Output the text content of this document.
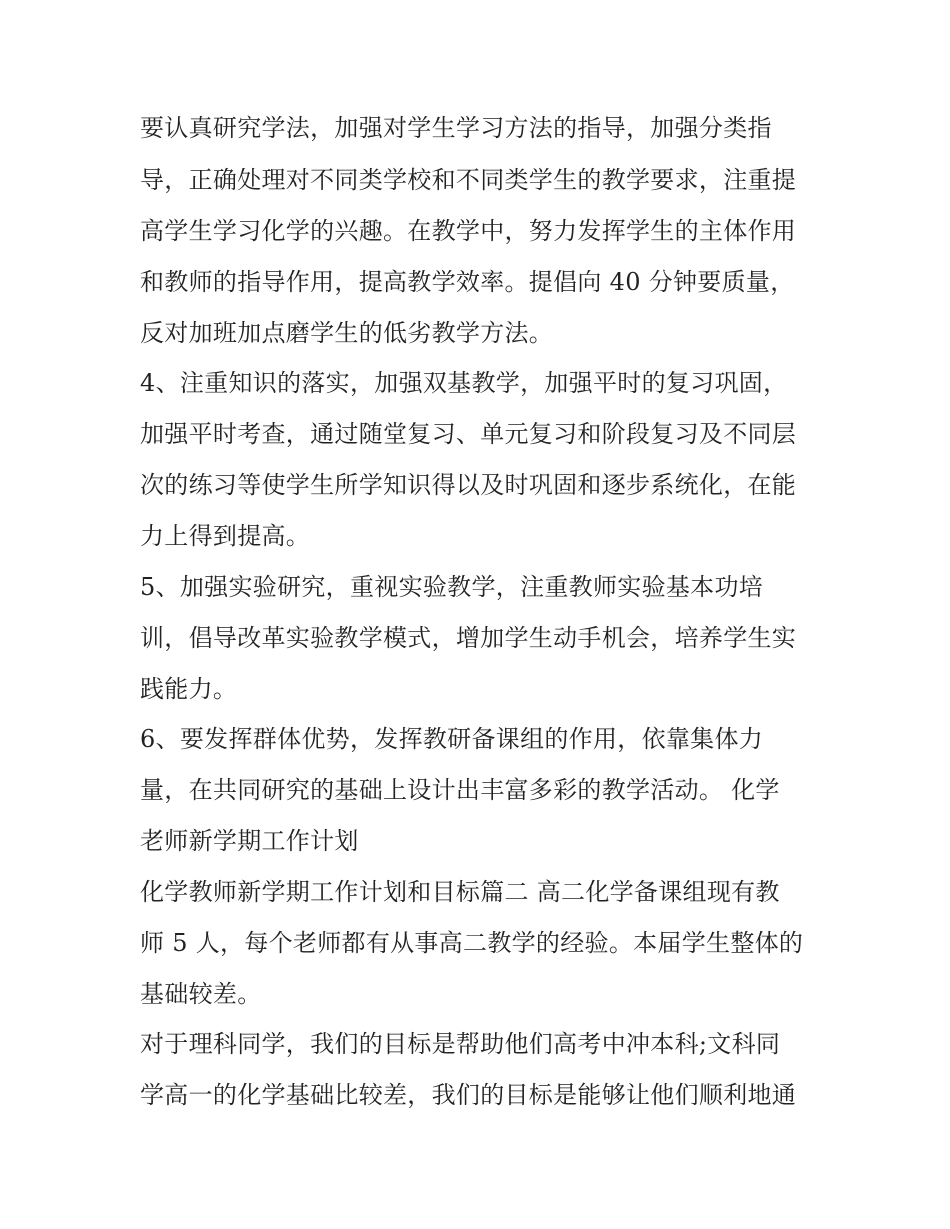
要认真研究学法，加强对学生学习方法的指导，加强分类指
导，正确处理对不同类学校和不同类学生的教学要求，注重提
高学生学习化学的兴趣。在教学中，努力发挥学生的主体作用
和教师的指导作用，提高教学效率。提倡向 40 分钟要质量，
反对加班加点磨学生的低劣教学方法。
4、注重知识的落实，加强双基教学，加强平时的复习巩固，
加强平时考查，通过随堂复习、单元复习和阶段复习及不同层
次的练习等使学生所学知识得以及时巩固和逐步系统化，在能
力上得到提高。
5、加强实验研究，重视实验教学，注重教师实验基本功培
训，倡导改革实验教学模式，增加学生动手机会，培养学生实
践能力。
6、要发挥群体优势，发挥教研备课组的作用，依靠集体力
量，在共同研究的基础上设计出丰富多彩的教学活动。 化学
老师新学期工作计划
化学教师新学期工作计划和目标篇二 高二化学备课组现有教
师 5 人，每个老师都有从事高二教学的经验。本届学生整体的
基础较差。
对于理科同学，我们的目标是帮助他们高考中冲本科;文科同
学高一的化学基础比较差，我们的目标是能够让他们顺利地通
